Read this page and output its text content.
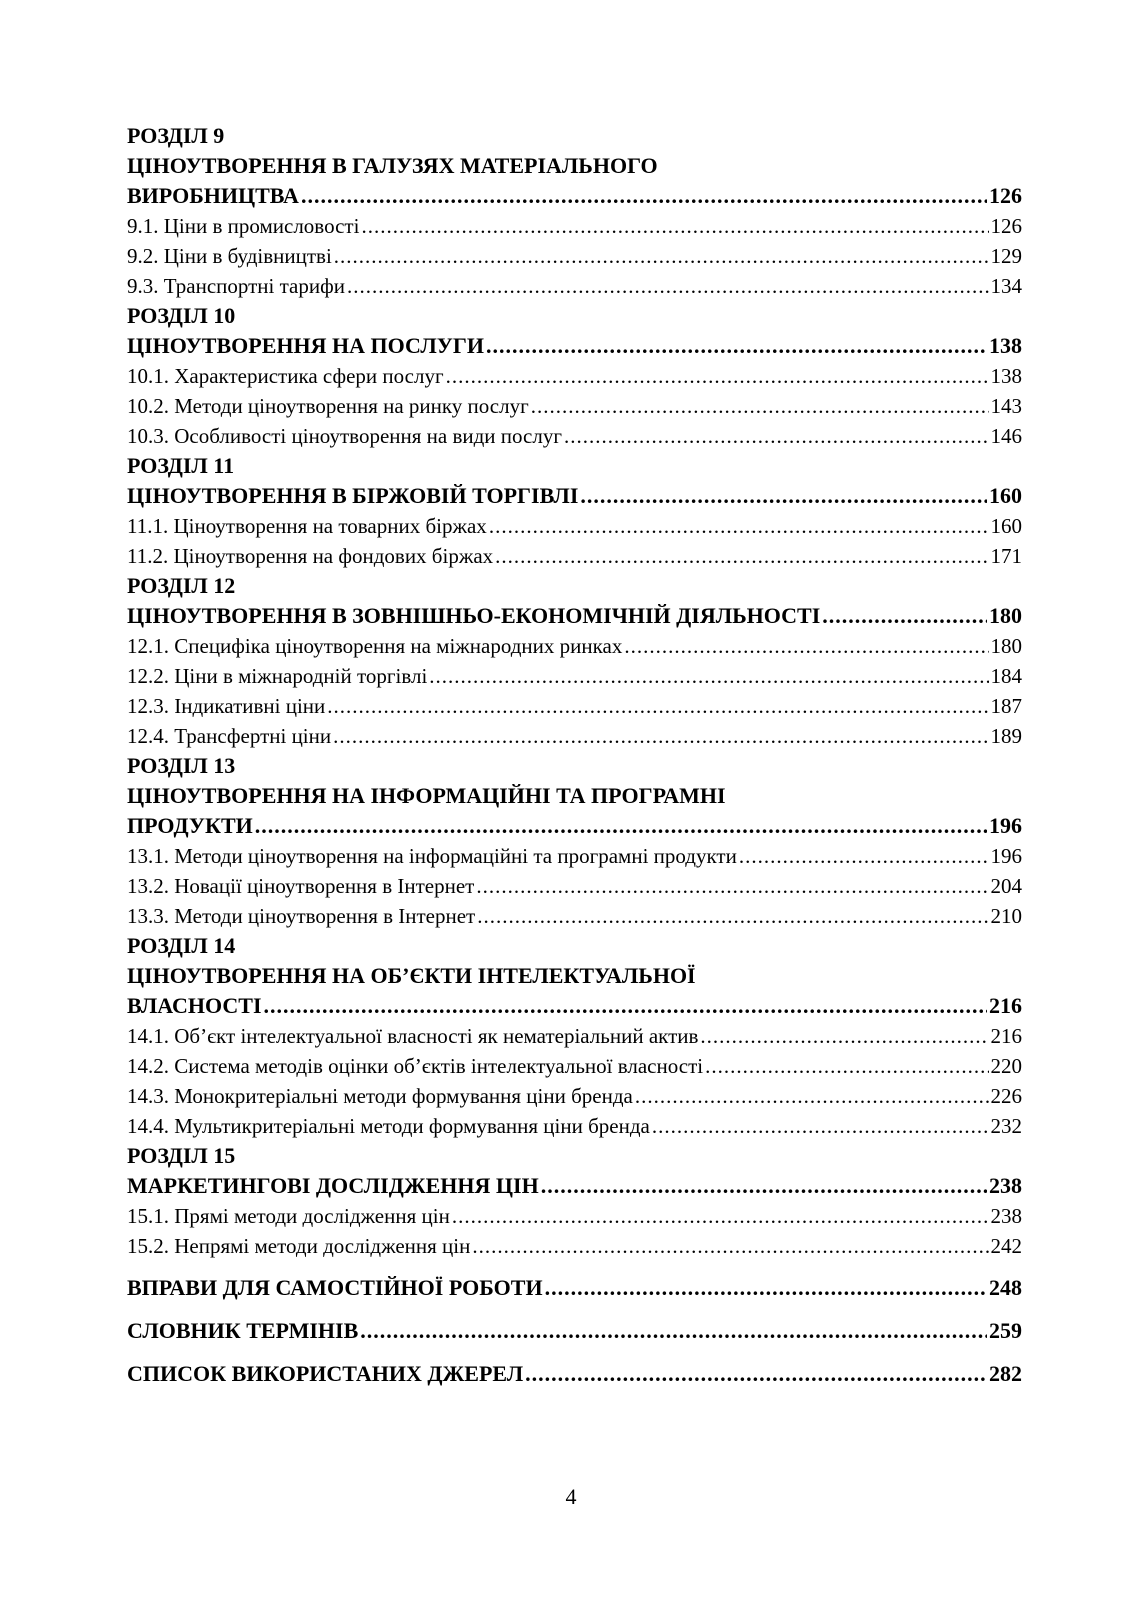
РОЗДІЛ 9
ЦІНОУТВОРЕННЯ В ГАЛУЗЯХ МАТЕРІАЛЬНОГО
ВИРОБНИЦТВА .....	126
9.1. Ціни в промисловості .....	126
9.2. Ціни в будівництві .....	129
9.3. Транспортні тарифи .....	134
РОЗДІЛ 10
ЦІНОУТВОРЕННЯ НА ПОСЛУГИ .....	138
10.1. Характеристика сфери послуг .....	138
10.2. Методи ціноутворення на ринку послуг .....	143
10.3. Особливості ціноутворення на види послуг .....	146
РОЗДІЛ 11
ЦІНОУТВОРЕННЯ В БІРЖОВІЙ ТОРГІВЛІ .....	160
11.1. Ціноутворення на товарних біржах .....	160
11.2. Ціноутворення на фондових біржах .....	171
РОЗДІЛ 12
ЦІНОУТВОРЕННЯ В ЗОВНІШНЬО-ЕКОНОМІЧНІЙ ДІЯЛЬНОСТІ .....	180
12.1. Специфіка ціноутворення на міжнародних ринках .....	180
12.2. Ціни в міжнародній торгівлі .....	184
12.3. Індикативні ціни .....	187
12.4. Трансфертні ціни .....	189
РОЗДІЛ 13
ЦІНОУТВОРЕННЯ НА ІНФОРМАЦІЙНІ ТА ПРОГРАМНІ
ПРОДУКТИ .....	196
13.1. Методи ціноутворення на інформаційні та програмні продукти .....	196
13.2. Новації ціноутворення в Інтернет .....	204
13.3. Методи ціноутворення в Інтернет .....	210
РОЗДІЛ 14
ЦІНОУТВОРЕННЯ НА ОБ’ЄКТИ ІНТЕЛЕКТУАЛЬНОЇ
ВЛАСНОСТІ .....	216
14.1. Об’єкт інтелектуальної власності як нематеріальний актив .....	216
14.2. Система методів оцінки об’єктів інтелектуальної власності .....	220
14.3. Монокритеріальні методи формування ціни бренда .....	226
14.4. Мультикритеріальні методи формування ціни бренда .....	232
РОЗДІЛ 15
МАРКЕТИНГОВІ ДОСЛІДЖЕННЯ ЦІН .....	238
15.1. Прямі методи дослідження цін .....	238
15.2. Непрямі методи дослідження цін .....	242
ВПРАВИ ДЛЯ САМОСТІЙНОЇ РОБОТИ .....	248
СЛОВНИК ТЕРМІНІВ .....	259
СПИСОК ВИКОРИСТАНИХ ДЖЕРЕЛ .....	282
4
